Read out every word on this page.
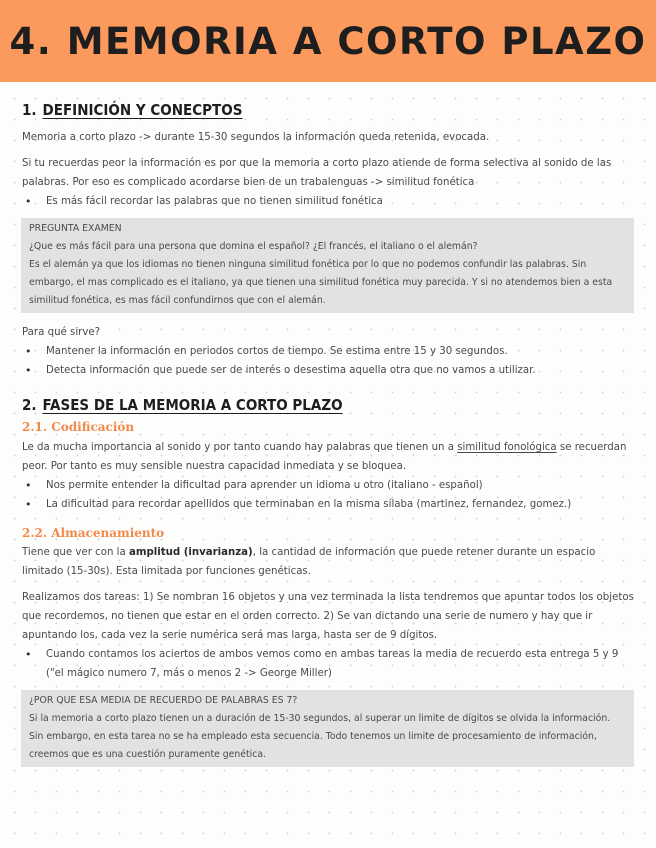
4. MEMORIA A CORTO PLAZO
1. DEFINICIÓN Y CONECPTOS

Memoria a corto plazo -> durante 15-30 segundos la información queda retenida, evocada.

Si tu recuerdas peor la información es por que la memoria a corto plazo atiende de forma selectiva al sonido de las palabras. Por eso es complicado acordarse bien de un trabalenguas -> similitud fonética

• Es más fácil recordar las palabras que no tienen similitud fonética

PREGUNTA EXAMEN

¿Que es más fácil para una persona que domina el español? ¿El francés, el italiano o el alemán?

Es el alemán ya que los idiomas no tienen ninguna similitud fonética por lo que no podemos confundir las palabras. Sin embargo, el mas complicado es el italiano, ya que tienen una similitud fonética muy parecida. Y si no atendemos bien a esta similitud fonética, es mas fácil confundirnos que con el alemán.

Para qué sirve?

• Mantener la información en periodos cortos de tiempo. Se estima entre 15 y 30 segundos.
• Detecta información que puede ser de interés o desestima aquella otra que no vamos a utilizar.
2. FASES DE LA MEMORIA A CORTO PLAZO
2.1. Codificación

Le da mucha importancia al sonido y por tanto cuando hay palabras que tienen un a similitud fonológica se recuerdan peor. Por tanto es muy sensible nuestra capacidad inmediata y se bloquea.

• Nos permite entender la dificultad para aprender un idioma u otro (italiano - español)
• La dificultad para recordar apellidos que terminaban en la misma sílaba (martinez, fernandez, gomez.)
2.2. Almacenamiento

Tiene que ver con la amplitud (invarianza), la cantidad de información que puede retener durante un espacio limitado (15-30s). Esta limitada por funciones genéticas.

Realizamos dos tareas: 1) Se nombran 16 objetos y una vez terminada la lista tendremos que apuntar todos los objetos que recordemos, no tienen que estar en el orden correcto. 2) Se van dictando una serie de numero y hay que ir apuntando los, cada vez la serie numérica será mas larga, hasta ser de 9 dígitos.

• Cuando contamos los aciertos de ambos vemos como en ambas tareas la media de recuerdo esta entrega 5 y 9 ("el mágico numero 7, más o menos 2 -> George Miller)

¿POR QUE ESA MEDIA DE RECUERDO DE PALABRAS ES 7?

Si la memoria a corto plazo tienen un a duración de 15-30 segundos, al superar un limite de dígitos se olvida la información. Sin embargo, en esta tarea no se ha empleado esta secuencia. Todo tenemos un limite de procesamiento de información, creemos que es una cuestión puramente genética.
